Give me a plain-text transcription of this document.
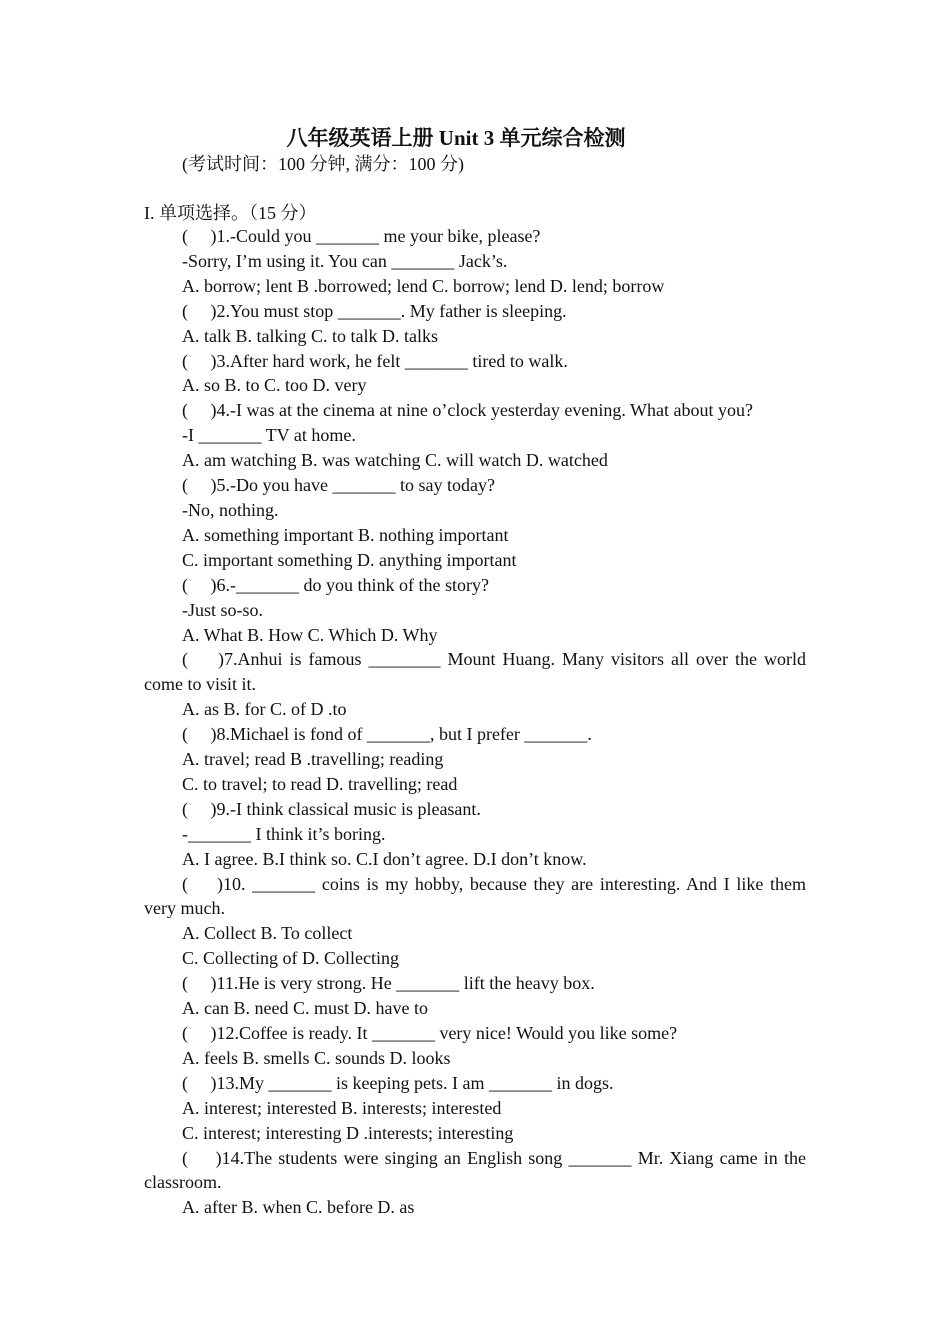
八年级英语上册 Unit 3 单元综合检测
(考试时间：100 分钟, 满分：100 分)
I. 单项选择。（15 分）
(　 )1.-Could you _______ me your bike, please?
-Sorry, I’m using it. You can _______ Jack’s.
A. borrow; lent B .borrowed; lend C. borrow; lend D. lend; borrow
(　 )2.You must stop _______. My father is sleeping.
A. talk B. talking C. to talk D. talks
(　 )3.After hard work, he felt _______ tired to walk.
A. so B. to C. too D. very
(　 )4.-I was at the cinema at nine o’clock yesterday evening. What about you?
-I _______ TV at home.
A. am watching B. was watching C. will watch D. watched
(　 )5.-Do you have _______ to say today?
-No, nothing.
A. something important B. nothing important
C. important something D. anything important
(　 )6.-_______ do you think of the story?
-Just so-so.
A. What B. How C. Which D. Why
(　 )7.Anhui is famous ________ Mount Huang. Many visitors all over the world come to visit it.
A. as B. for C. of D .to
(　 )8.Michael is fond of _______, but I prefer _______.
A. travel; read B .travelling; reading
C. to travel; to read D. travelling; read
(　 )9.-I think classical music is pleasant.
-_______ I think it’s boring.
A. I agree. B.I think so. C.I don’t agree. D.I don’t know.
(　 )10. _______ coins is my hobby, because they are interesting. And I like them very much.
A. Collect B. To collect
C. Collecting of D. Collecting
(　 )11.He is very strong. He _______ lift the heavy box.
A. can B. need C. must D. have to
(　 )12.Coffee is ready. It _______ very nice! Would you like some?
A. feels B. smells C. sounds D. looks
(　 )13.My _______ is keeping pets. I am _______ in dogs.
A. interest; interested B. interests; interested
C. interest; interesting D .interests; interesting
(　 )14.The students were singing an English song _______ Mr. Xiang came in the classroom.
A. after B. when C. before D. as
